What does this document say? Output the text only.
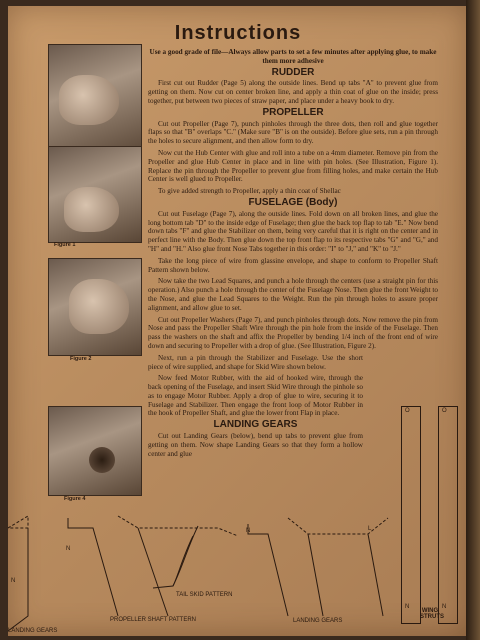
Instructions
Figure 1
Figure 2
Figure 4

Use a good grade of file—Always allow parts to set a few minutes after applying glue, to make them more adhesive

RUDDER

First cut out Rudder (Page 5) along the outside lines. Bend up tabs "A" to prevent glue from getting on them. Now cut on center broken line, and apply a thin coat of glue on the inside; press together, put between two pieces of straw paper, and place under a heavy book to dry.

PROPELLER

Cut out Propeller (Page 7), punch pinholes through the three dots, then roll and glue together flaps so that "B" overlaps "C." (Make sure "B" is on the outside). Before glue sets, run a pin through the holes to secure alignment, and then allow form to dry.

Now cut the Hub Center with glue and roll into a tube on a 4mm diameter. Remove pin from the Propeller and glue Hub Center in place and in line with pin holes. (See Illustration, Figure 1). Replace the pin through the Propeller to prevent glue from filling holes, and make certain the Hub Center is well glued to Propeller.

To give added strength to Propeller, apply a thin coat of Shellac

FUSELAGE (Body)

Cut out Fuselage (Page 7), along the outside lines. Fold down on all broken lines, and glue the long bottom tab "D" to the inside edge of Fuselage; then glue the back top flap to tab "E." Now bend down tabs "F" and glue the Stabilizer on them, being very careful that it is right on the center and in perfect line with the Body. Then glue down the top front flap to its respective tabs "G" and "G," and "H" and "H." Also glue front Nose Tabs together in this order: "I" to "J," and "K" to "J."

Take the long piece of wire from glassine envelope, and shape to conform to Propeller Shaft Pattern shown below.

Now take the two Lead Squares, and punch a hole through the centers (use a straight pin for this operation.) Also punch a hole through the center of the Fuselage Nose. Then glue the front Weight to the Nose, and glue the Lead Squares to the Weight. Run the pin through holes to assure proper alignment, and allow glue to set.

Cut out Propeller Washers (Page 7), and punch pinholes through dots. Now remove the pin from Nose and pass the Propeller Shaft Wire through the pin hole from the inside of the Fuselage. Then pass the washers on the shaft and affix the Propeller by bending 1/4 inch of the front end of wire down and securing to Propeller with a drop of glue. (See Illustration, Figure 2).

Next, run a pin through the Stabilizer and Fuselage. Use the short piece of wire supplied, and shape for Skid Wire shown below.

Now feed Motor Rubber, with the aid of hooked wire, through the back opening of the Fuselage, and insert Skid Wire through the pinhole so as to engage Motor Rubber. Apply a drop of glue to wire, securing it to Fuselage and Stabilizer. Then engage the front loop of Motor Rubber in the hook of Propeller Shaft, and glue the lower front Flap in place.

LANDING GEARS

Cut out Landing Gears (below), bend up tabs to prevent glue from getting on them. Now shape Landing Gears so that they form a hollow center and glue

O	O
N	N
WING STRUTS
N
N
N	L
TAIL SKID PATTERN
PROPELLER SHAFT PATTERN
LANDING GEARS
LANDING GEARS
